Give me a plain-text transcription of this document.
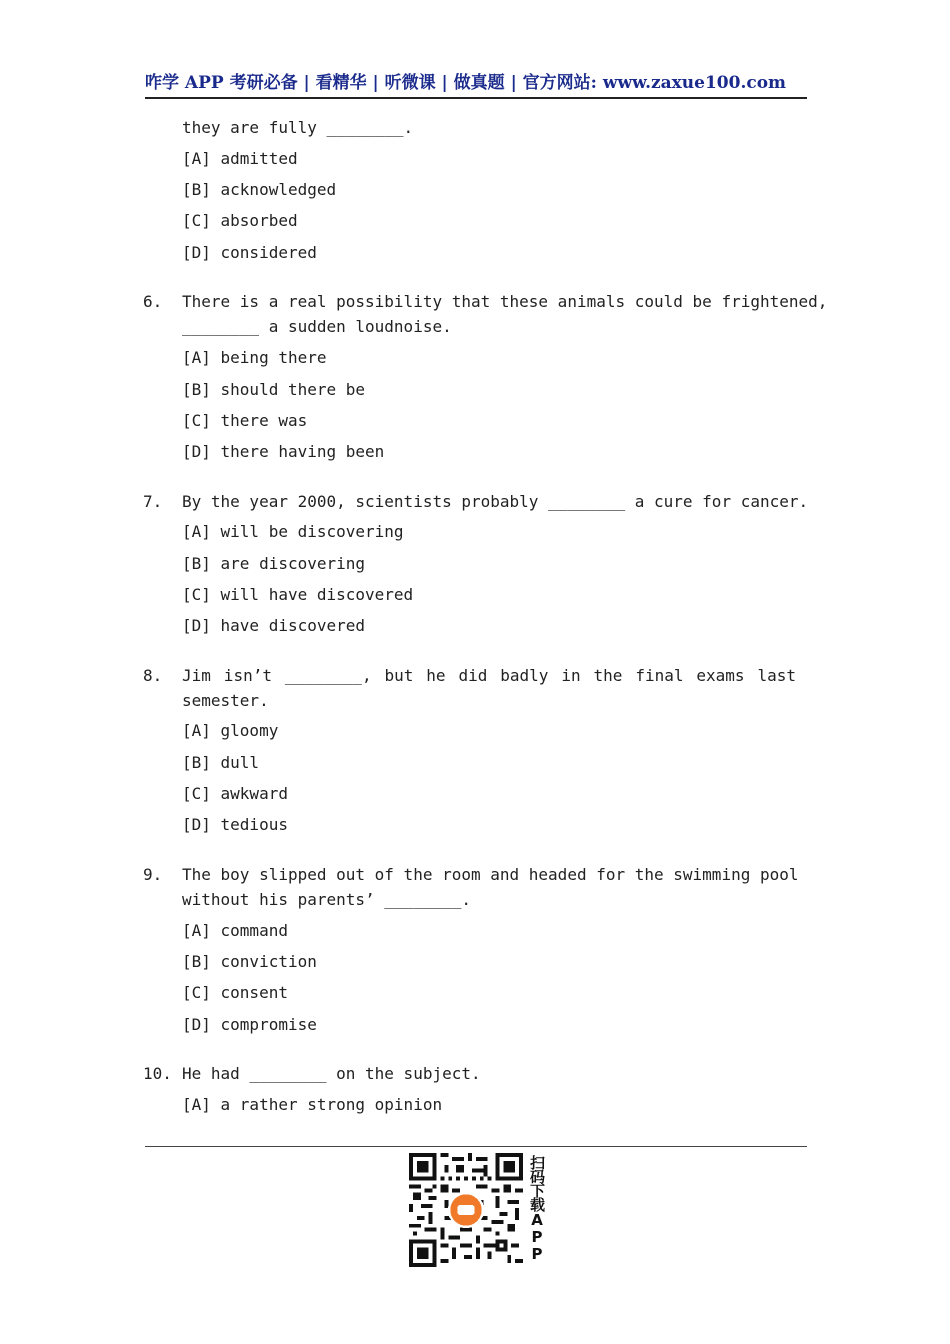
咋学 APP 考研必备 | 看精华 | 听微课 | 做真题 | 官方网站: www.zaxue100.com
they are fully ________.
[A] admitted
[B] acknowledged
[C] absorbed
[D] considered
6. There is a real possibility that these animals could be frightened,
________ a sudden loudnoise.
[A] being there
[B] should there be
[C] there was
[D] there having been
7. By the year 2000, scientists probably ________ a cure for cancer.
[A] will be discovering
[B] are discovering
[C] will have discovered
[D] have discovered
8. Jim isn’t ________, but he did badly in the final exams last
semester.
[A] gloomy
[B] dull
[C] awkward
[D] tedious
9. The boy slipped out of the room and headed for the swimming pool
without his parents’ ________.
[A] command
[B] conviction
[C] consent
[D] compromise
10. He had ________ on the subject.
[A] a rather strong opinion
扫码下载APP
